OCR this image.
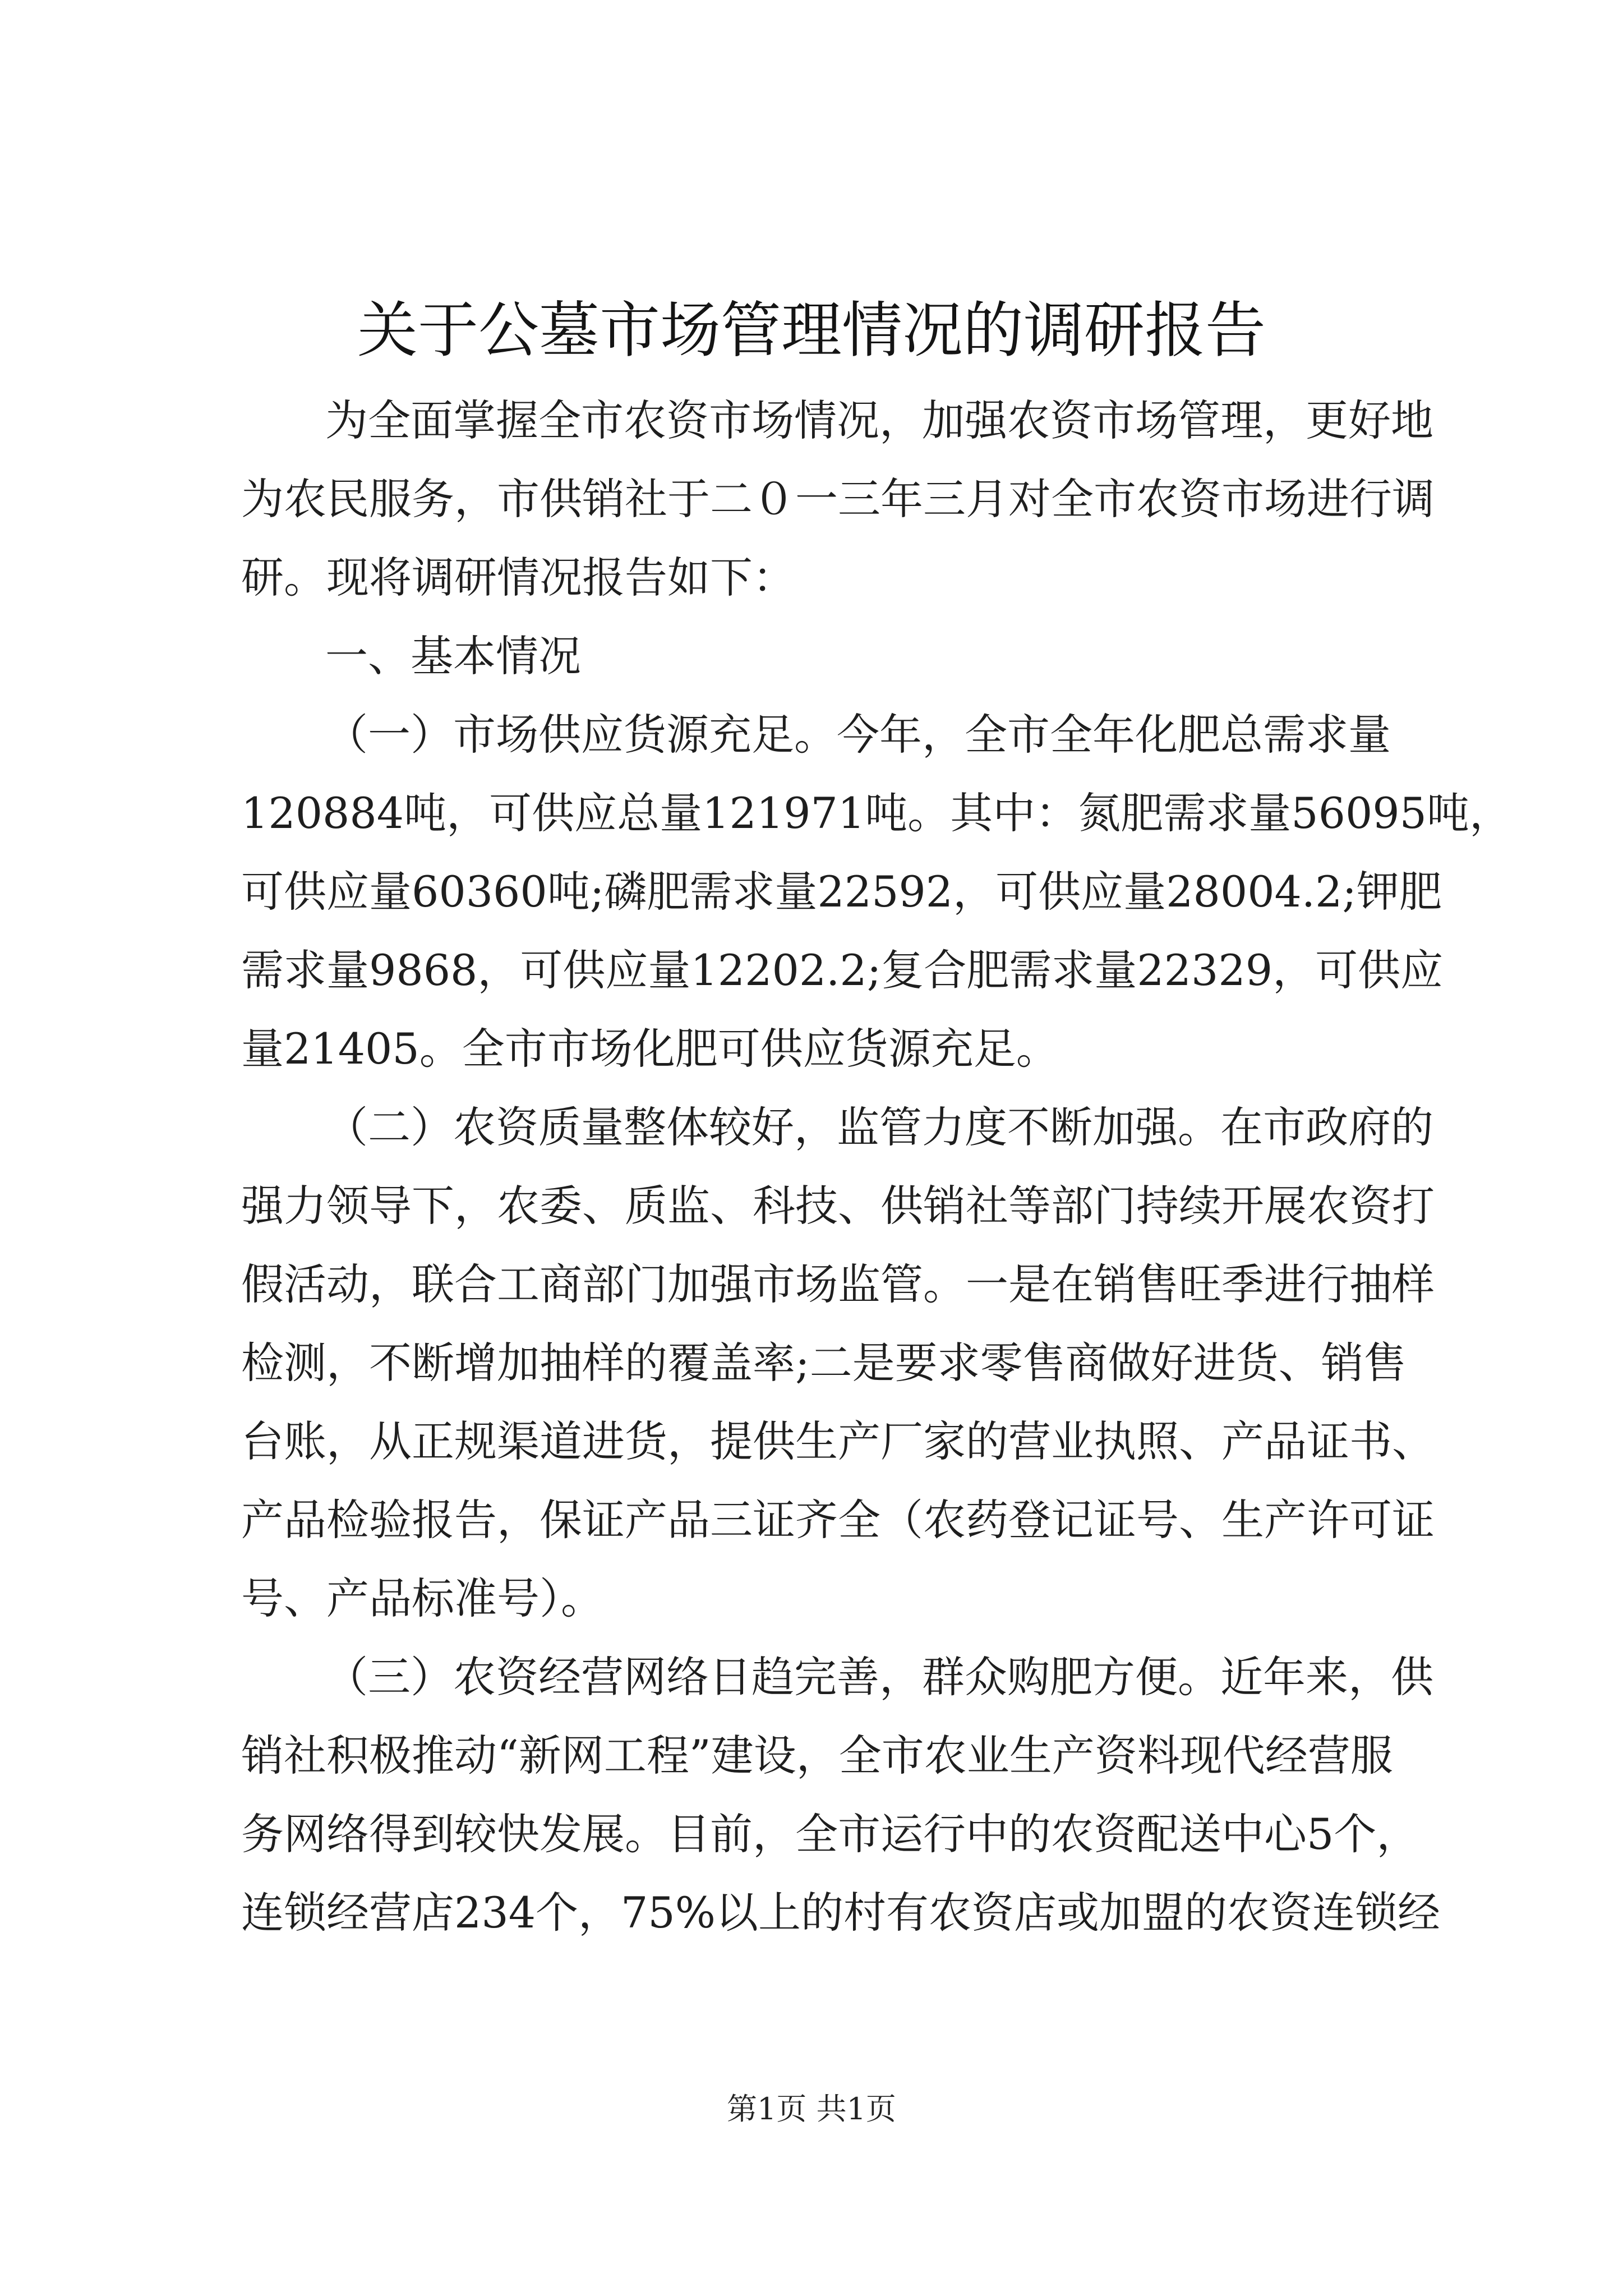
关于公墓市场管理情况的调研报告
为全面掌握全市农资市场情况，加强农资市场管理，更好地
为农民服务，市供销社于二０一三年三月对全市农资市场进行调
研。现将调研情况报告如下：
一、基本情况
（一）市场供应货源充足。今年，全市全年化肥总需求量
120884吨，可供应总量121971吨。其中：氮肥需求量56095吨，
可供应量60360吨;磷肥需求量22592，可供应量28004.2;钾肥
需求量9868，可供应量12202.2;复合肥需求量22329，可供应
量21405。全市市场化肥可供应货源充足。
（二）农资质量整体较好，监管力度不断加强。在市政府的
强力领导下，农委、质监、科技、供销社等部门持续开展农资打
假活动，联合工商部门加强市场监管。一是在销售旺季进行抽样
检测，不断增加抽样的覆盖率;二是要求零售商做好进货、销售
台账，从正规渠道进货，提供生产厂家的营业执照、产品证书、
产品检验报告，保证产品三证齐全（农药登记证号、生产许可证
号、产品标准号）。
（三）农资经营网络日趋完善，群众购肥方便。近年来，供
销社积极推动“新网工程”建设，全市农业生产资料现代经营服
务网络得到较快发展。目前，全市运行中的农资配送中心5个，
连锁经营店234个，75%以上的村有农资店或加盟的农资连锁经
第1页 共1页
